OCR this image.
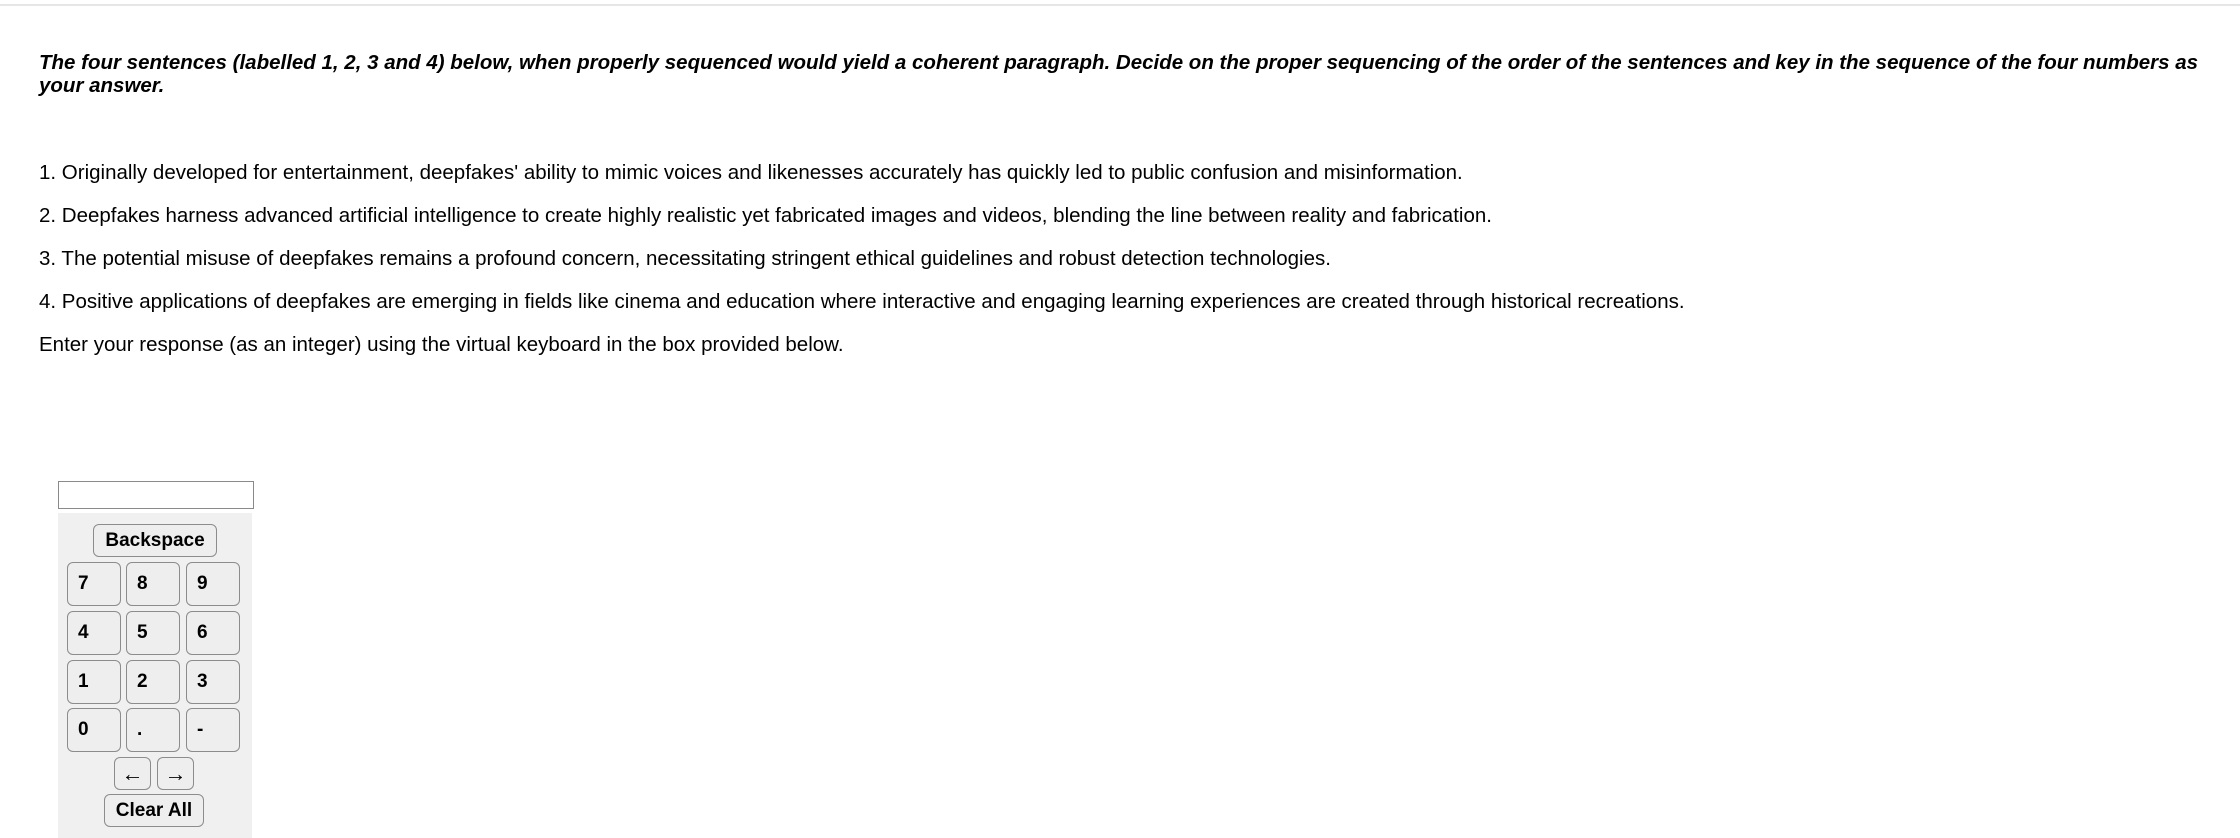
The four sentences (labelled 1, 2, 3 and 4) below, when properly sequenced would yield a coherent paragraph. Decide on the proper sequencing of the order of the sentences and key in the sequence of the four numbers as your answer.
1. Originally developed for entertainment, deepfakes' ability to mimic voices and likenesses accurately has quickly led to public confusion and misinformation.
2. Deepfakes harness advanced artificial intelligence to create highly realistic yet fabricated images and videos, blending the line between reality and fabrication.
3. The potential misuse of deepfakes remains a profound concern, necessitating stringent ethical guidelines and robust detection technologies.
4. Positive applications of deepfakes are emerging in fields like cinema and education where interactive and engaging learning experiences are created through historical recreations.
Enter your response (as an integer) using the virtual keyboard in the box provided below.
Backspace
7	8	9
4	5	6
1	2	3
0	.	-
← →
Clear All
